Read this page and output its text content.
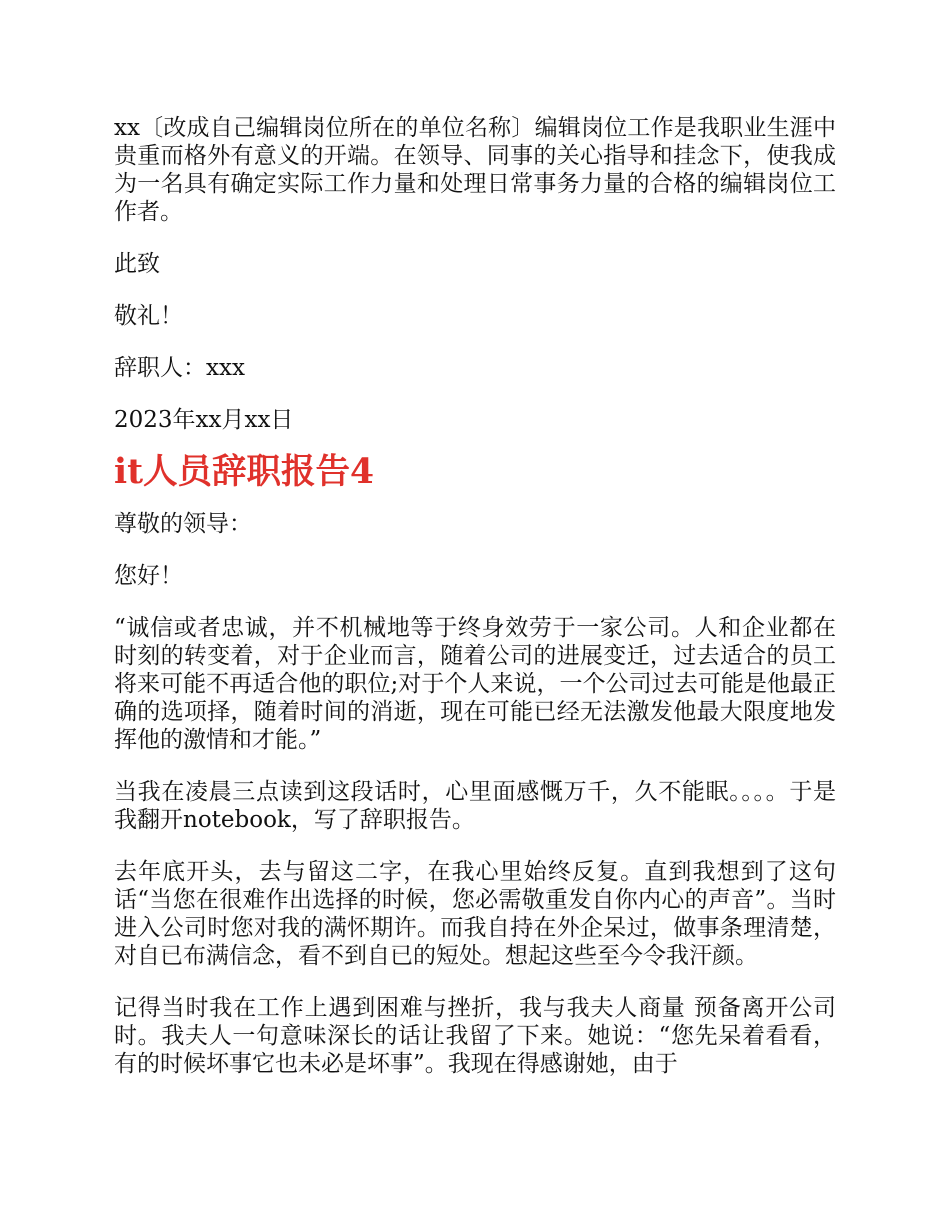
xx〔改成自己编辑岗位所在的单位名称〕编辑岗位工作是我职业生涯中贵重而格外有意义的开端。在领导、同事的关心指导和挂念下，使我成为一名具有确定实际工作力量和处理日常事务力量的合格的编辑岗位工作者。

此致

敬礼！

辞职人：xxx

2023年xx月xx日

it人员辞职报告4

尊敬的领导：

您好！

“诚信或者忠诚，并不机械地等于终身效劳于一家公司。人和企业都在时刻的转变着，对于企业而言，随着公司的进展变迁，过去适合的员工将来可能不再适合他的职位;对于个人来说，一个公司过去可能是他最正确的选项择，随着时间的消逝，现在可能已经无法激发他最大限度地发挥他的激情和才能。”

当我在凌晨三点读到这段话时，心里面感慨万千，久不能眠。。。。于是我翻开notebook，写了辞职报告。

去年底开头，去与留这二字，在我心里始终反复。直到我想到了这句话“当您在很难作出选择的时候，您必需敬重发自你内心的声音”。当时进入公司时您对我的满怀期许。而我自持在外企呆过，做事条理清楚，对自已布满信念，看不到自已的短处。想起这些至今令我汗颜。

记得当时我在工作上遇到困难与挫折，我与我夫人商量 预备离开公司时。我夫人一句意味深长的话让我留了下来。她说：“您先呆着看看，有的时候坏事它也未必是坏事”。我现在得感谢她，由于
